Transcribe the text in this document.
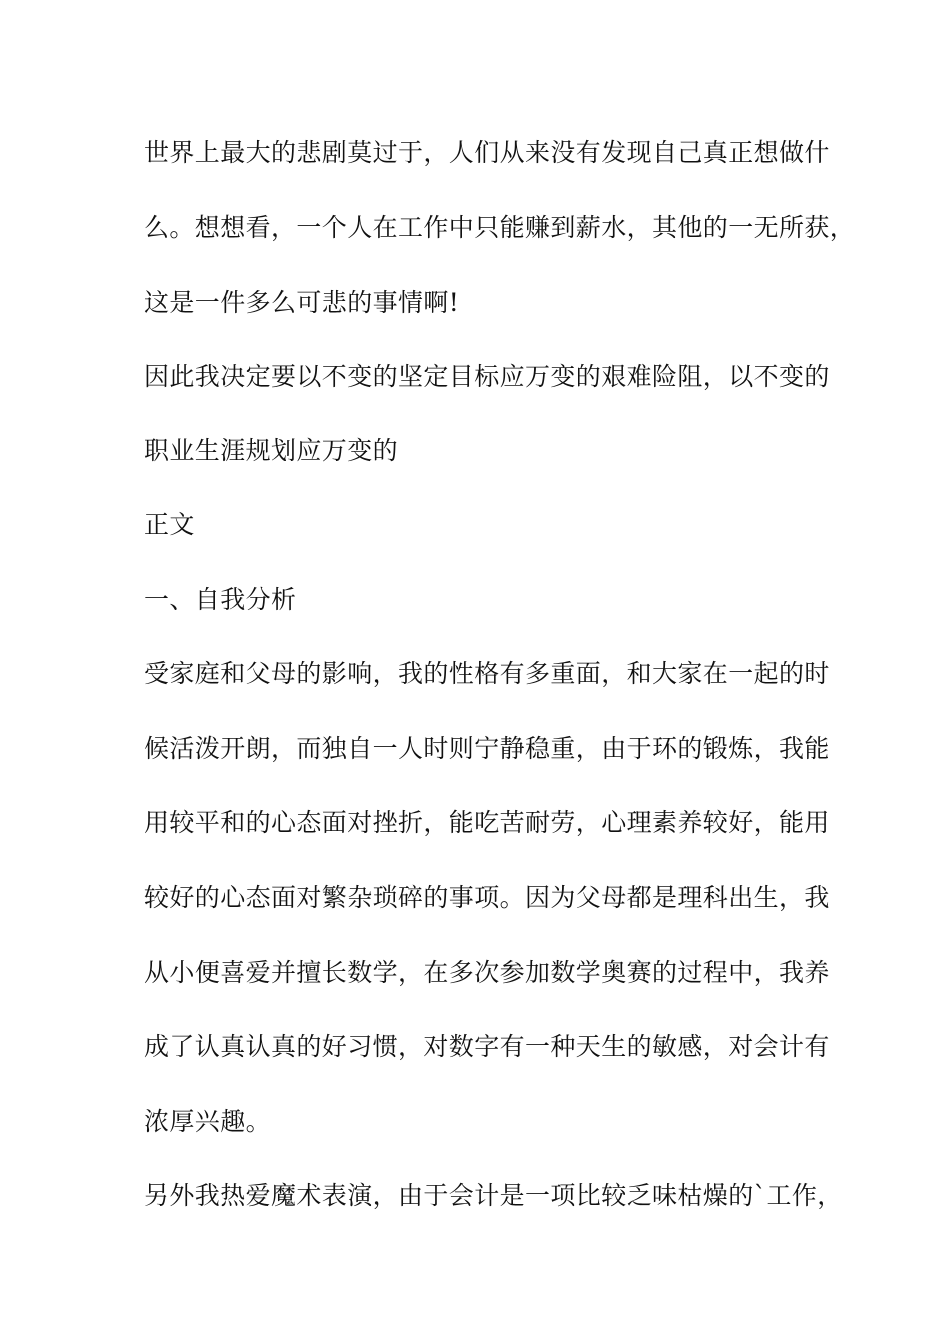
世界上最大的悲剧莫过于，人们从来没有发现自己真正想做什

么。想想看，一个人在工作中只能赚到薪水，其他的一无所获，

这是一件多么可悲的事情啊!

因此我决定要以不变的坚定目标应万变的艰难险阻，以不变的

职业生涯规划应万变的

正文

一、自我分析

受家庭和父母的影响，我的性格有多重面，和大家在一起的时

候活泼开朗，而独自一人时则宁静稳重，由于环的锻炼，我能

用较平和的心态面对挫折，能吃苦耐劳，心理素养较好，能用

较好的心态面对繁杂琐碎的事项。因为父母都是理科出生，我

从小便喜爱并擅长数学，在多次参加数学奥赛的过程中，我养

成了认真认真的好习惯，对数字有一种天生的敏感，对会计有

浓厚兴趣。

另外我热爱魔术表演，由于会计是一项比较乏味枯燥的`工作，
